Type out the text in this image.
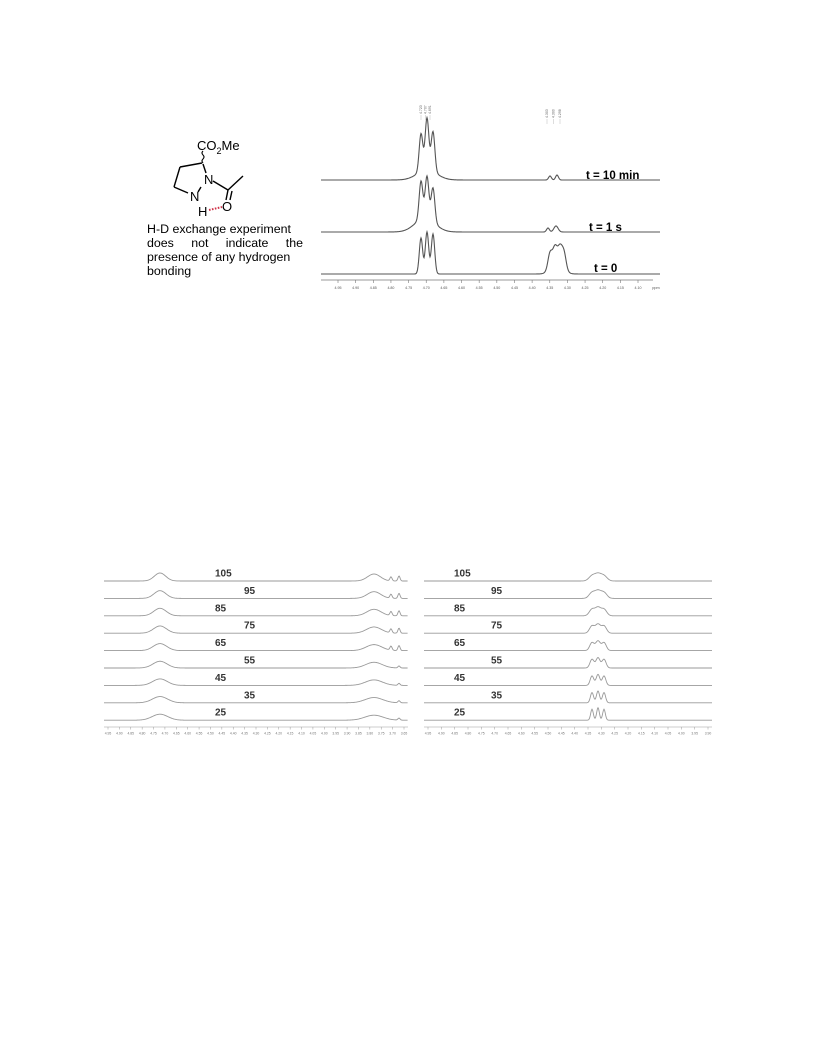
$CO_2Me$
N
N
H O
H-D exchange experiment
does not indicate the
presence of any hydrogen
bonding
t = 10 min
t = 1 s
t = 0
4.95	4.90	4.85	4.80	4.75	4.70	4.65	4.60	4.55	4.50	4.45	4.40	4.35	4.30	4.25	4.20	4.15	4.10	ppm
4.723 4.707 4.691	4.303 4.300 4.298
105
95
85
75
65
55
45
35
25
4.95 4.90 4.85 4.80 4.75 4.70 4.65 4.60 4.55 4.50 4.45 4.40 4.35 4.30 4.25 4.20 4.15 4.10 4.05 4.00 3.95 3.90 3.85 3.80 3.75 3.70 3.65
105
95
85
75
65
55
45
35
25
4.95 4.90 4.85 4.80 4.75 4.70 4.65 4.60 4.55 4.50 4.45 4.40 4.35 4.30 4.25 4.20 4.15 4.10 4.05 4.00 3.95 3.90
